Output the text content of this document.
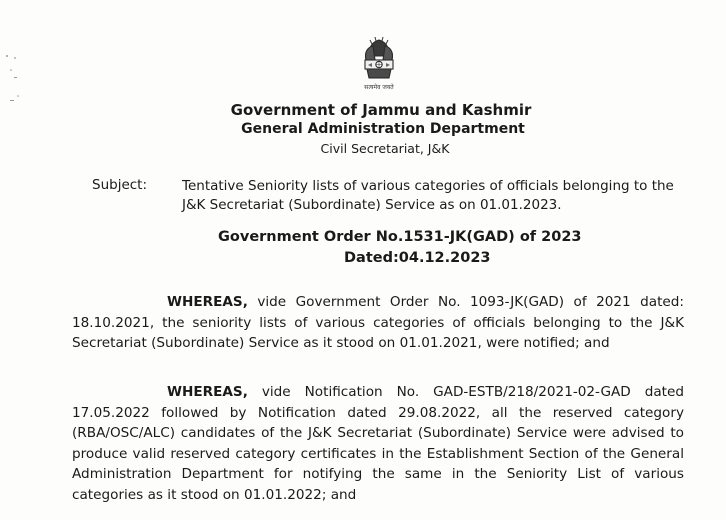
सत्यमेव जयते
Government of Jammu and Kashmir
General Administration Department
Civil Secretariat, J&K
Subject:	Tentative Seniority lists of various categories of officials belonging to the J&K Secretariat (Subordinate) Service as on 01.01.2023.
Government Order No.1531-JK(GAD) of 2023
Dated:04.12.2023
WHEREAS, vide Government Order No. 1093-JK(GAD) of 2021 dated: 18.10.2021, the seniority lists of various categories of officials belonging to the J&K Secretariat (Subordinate) Service as it stood on 01.01.2021, were notified; and
WHEREAS, vide Notification No. GAD-ESTB/218/2021-02-GAD dated 17.05.2022 followed by Notification dated 29.08.2022, all the reserved category (RBA/OSC/ALC) candidates of the J&K Secretariat (Subordinate) Service were advised to produce valid reserved category certificates in the Establishment Section of the General Administration Department for notifying the same in the Seniority List of various categories as it stood on 01.01.2022; and
